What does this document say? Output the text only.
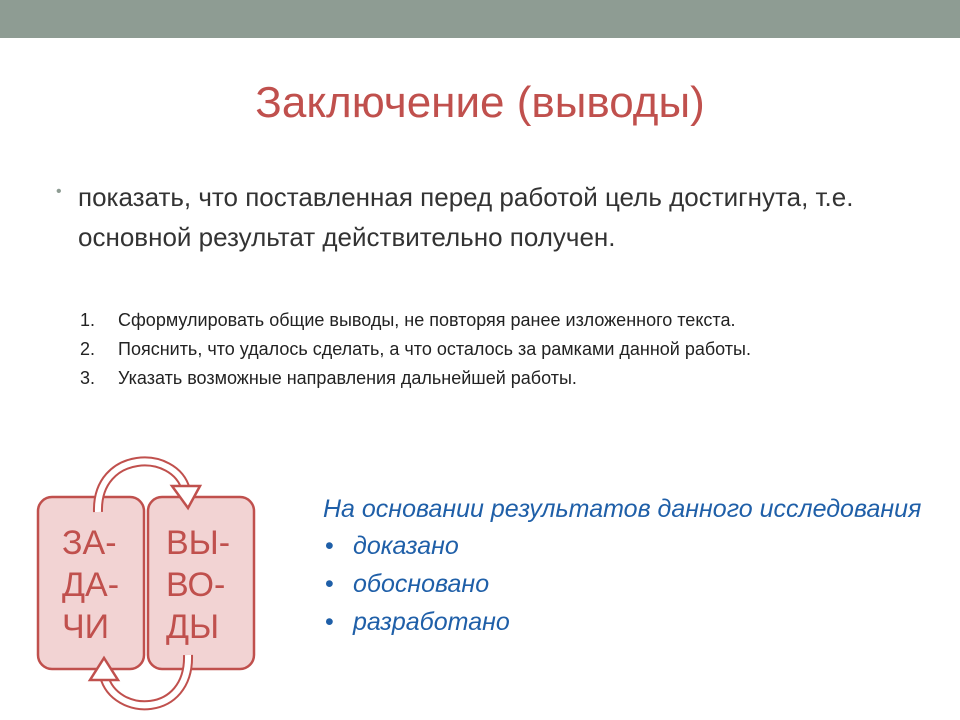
Заключение (выводы)
• показать, что поставленная перед работой цель достигнута, т.е. основной результат действительно получен.
1. Сформулировать общие выводы, не повторяя ранее изложенного текста.
2. Пояснить, что удалось сделать, а что осталось за рамками данной работы.
3. Указать возможные направления дальнейшей работы.
ЗА-
ДА-
ЧИ
ВЫ-
ВО-
ДЫ

На основании результатов данного исследования

• доказано
• обосновано
• разработано
